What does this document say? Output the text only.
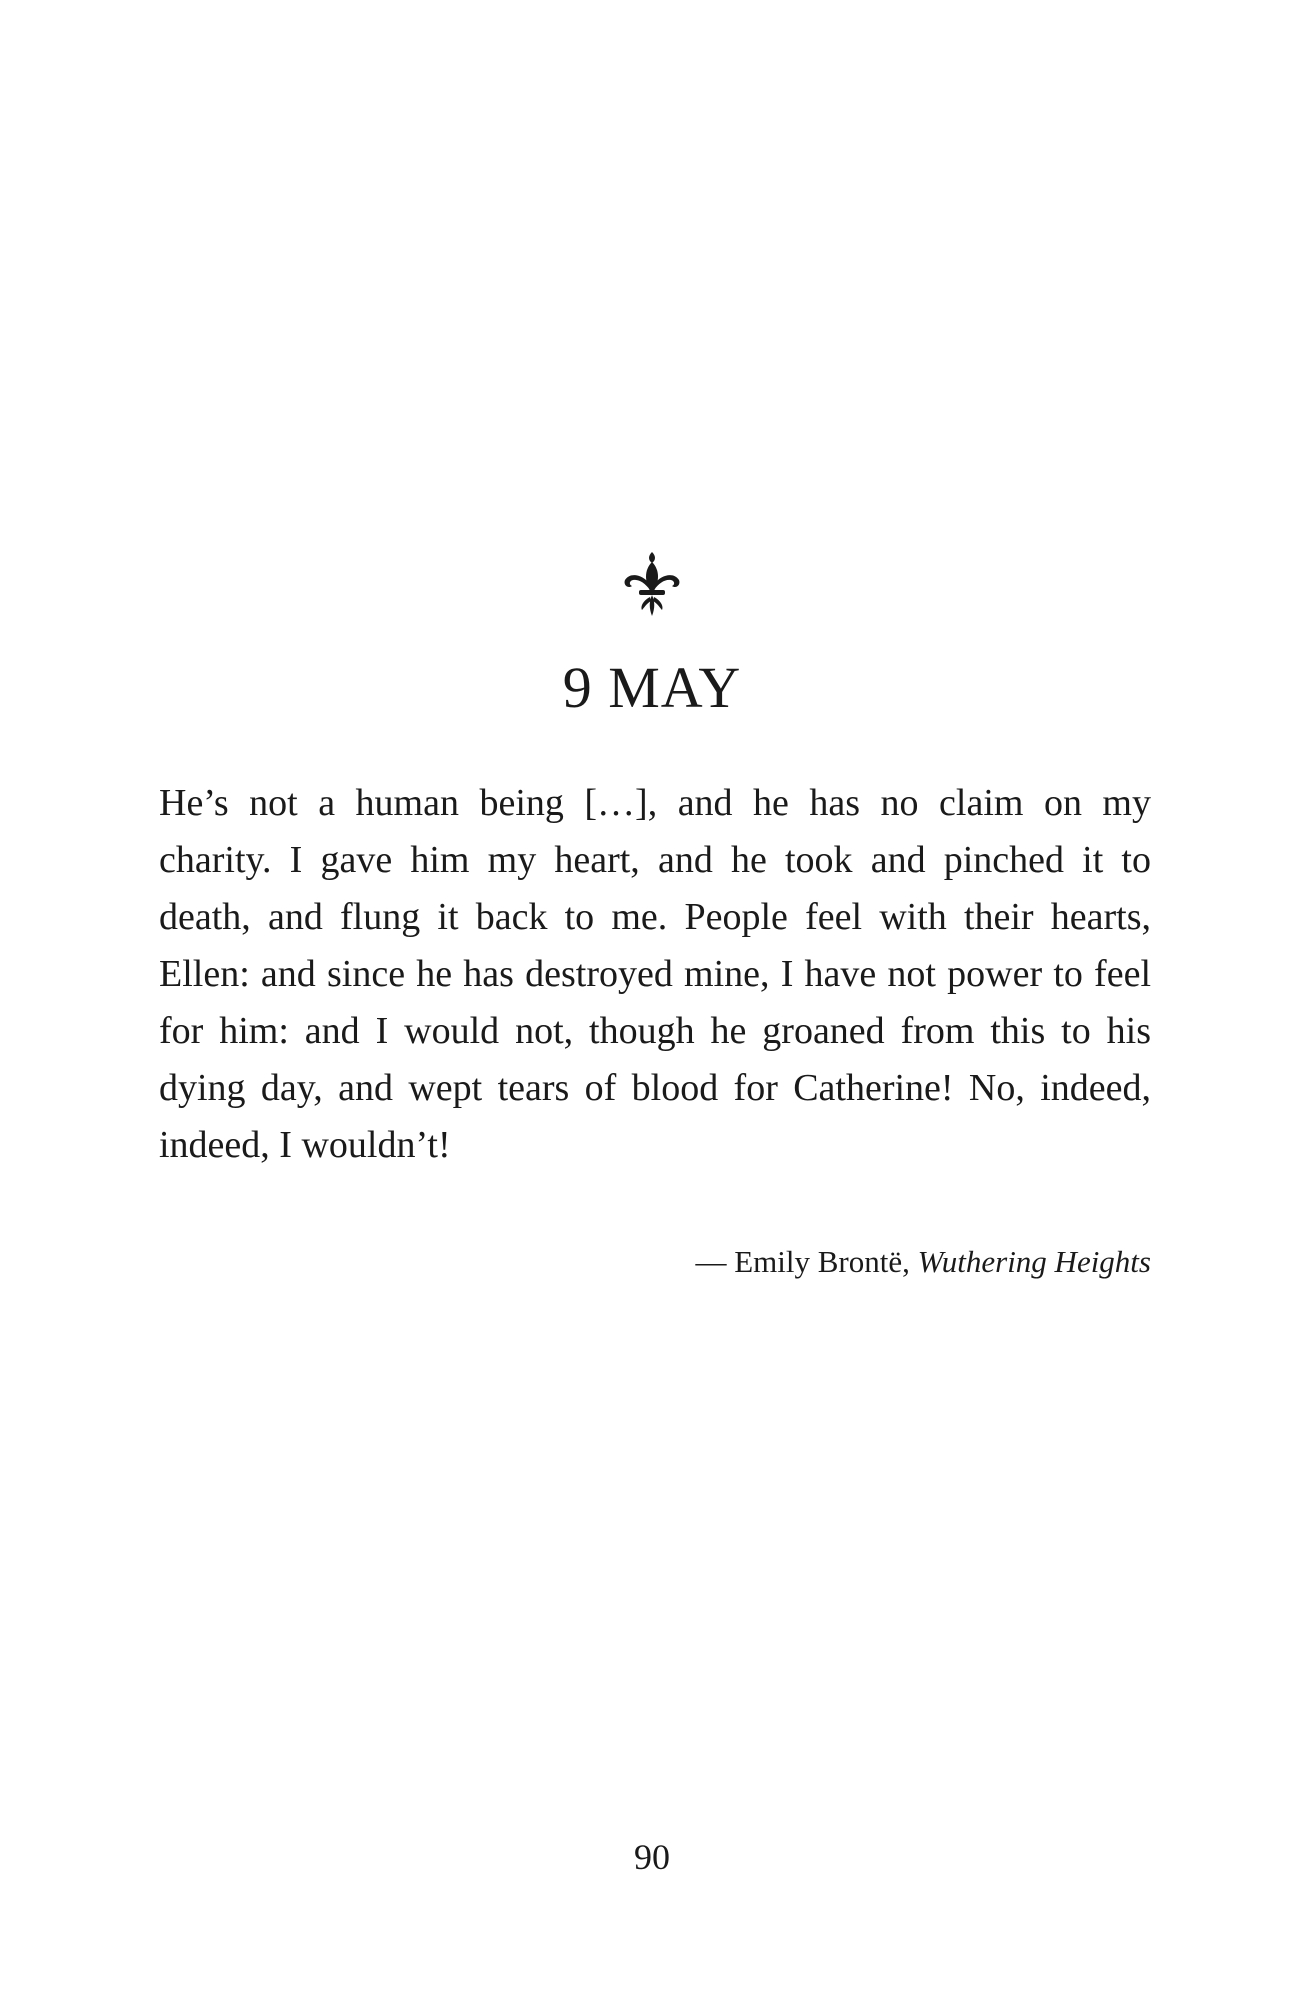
9 MAY

He’s not a human being […], and he has no claim on my
charity. I gave him my heart, and he took and pinched it to
death, and flung it back to me. People feel with their hearts,
Ellen: and since he has destroyed mine, I have not power to feel
for him: and I would not, though he groaned from this to his
dying day, and wept tears of blood for Catherine! No, indeed,
indeed, I wouldn’t!

— Emily Brontë, Wuthering Heights
90
